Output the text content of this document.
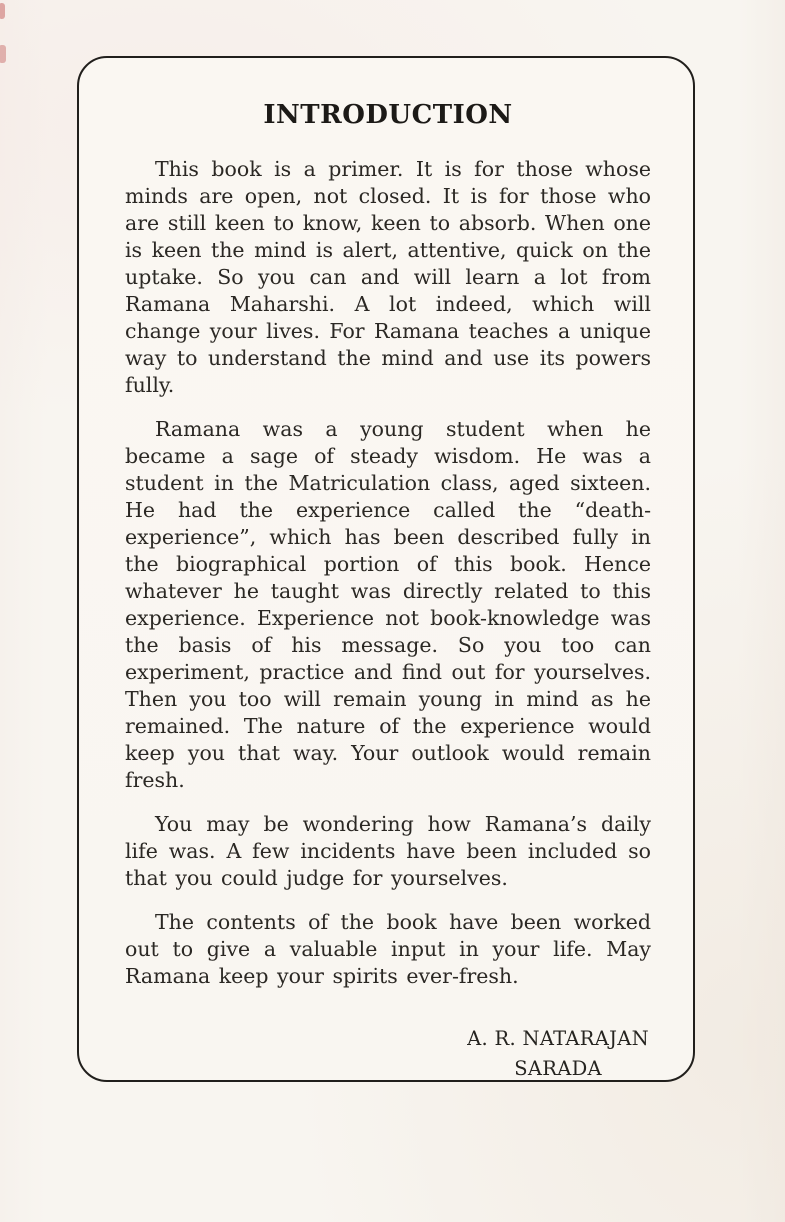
INTRODUCTION

This book is a primer. It is for those whose minds are open, not closed. It is for those who are still keen to know, keen to absorb. When one is keen the mind is alert, attentive, quick on the uptake. So you can and will learn a lot from Ramana Maharshi. A lot indeed, which will change your lives. For Ramana teaches a unique way to understand the mind and use its powers fully.

Ramana was a young student when he became a sage of steady wisdom. He was a student in the Matriculation class, aged sixteen. He had the experience called the “death-experience”, which has been described fully in the biographical portion of this book. Hence whatever he taught was directly related to this experience. Experience not book-knowledge was the basis of his message. So you too can experiment, practice and find out for yourselves. Then you too will remain young in mind as he remained. The nature of the experience would keep you that way. Your outlook would remain fresh.

You may be wondering how Ramana’s daily life was. A few incidents have been included so that you could judge for yourselves.

The contents of the book have been worked out to give a valuable input in your life. May Ramana keep your spirits ever-fresh.

A. R. NATARAJAN
SARADA
